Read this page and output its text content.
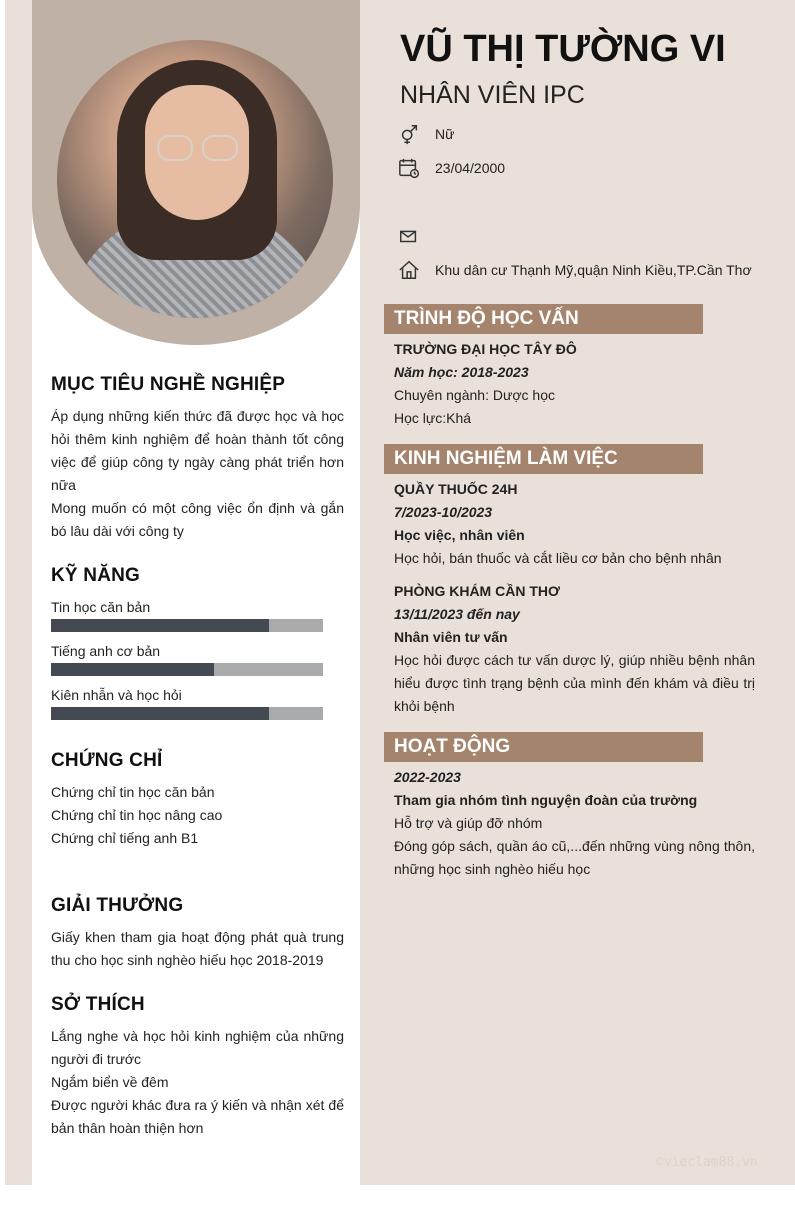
MỤC TIÊU NGHỀ NGHIỆP
Áp dụng những kiến thức đã được học và học hỏi thêm kinh nghiệm để hoàn thành tốt công việc để giúp công ty ngày càng phát triển hơn nữa
Mong muốn có một công việc ổn định và gắn bó lâu dài với công ty
KỸ NĂNG
Tin học căn bản
Tiếng anh cơ bản
Kiên nhẫn và học hỏi
CHỨNG CHỈ
Chứng chỉ tin học căn bản
Chứng chỉ tin học nâng cao
Chứng chỉ tiếng anh B1
GIẢI THƯỞNG
Giấy khen tham gia hoạt động phát quà trung thu cho học sinh nghèo hiếu học 2018-2019
SỞ THÍCH
Lắng nghe và học hỏi kinh nghiệm của những người đi trước
Ngắm biển về đêm
Được người khác đưa ra ý kiến và nhận xét để bản thân hoàn thiện hơn
VŨ THỊ TƯỜNG VI
NHÂN VIÊN IPC
Nữ
23/04/2000
Khu dân cư Thạnh Mỹ,quận Ninh Kiều,TP.Cần Thơ
TRÌNH ĐỘ HỌC VẤN
TRƯỜNG ĐẠI HỌC TÂY ĐÔ
Năm học: 2018-2023
Chuyên ngành: Dược học
Học lực:Khá
KINH NGHIỆM LÀM VIỆC
QUẦY THUỐC 24H
7/2023-10/2023
Học việc, nhân viên
Học hỏi, bán thuốc và cắt liều cơ bản cho bệnh nhân
PHÒNG KHÁM CẦN THƠ
13/11/2023 đến nay
Nhân viên tư vấn
Học hỏi được cách tư vấn dược lý, giúp nhiều bệnh nhân hiểu được tình trạng bệnh của mình đến khám và điều trị khỏi bệnh
HOẠT ĐỘNG
2022-2023
Tham gia nhóm tình nguyện đoàn của trường
Hỗ trợ và giúp đỡ nhóm
Đóng góp sách, quần áo cũ,...đến những vùng nông thôn, những học sinh nghèo hiếu học
©vieclam88.vn
